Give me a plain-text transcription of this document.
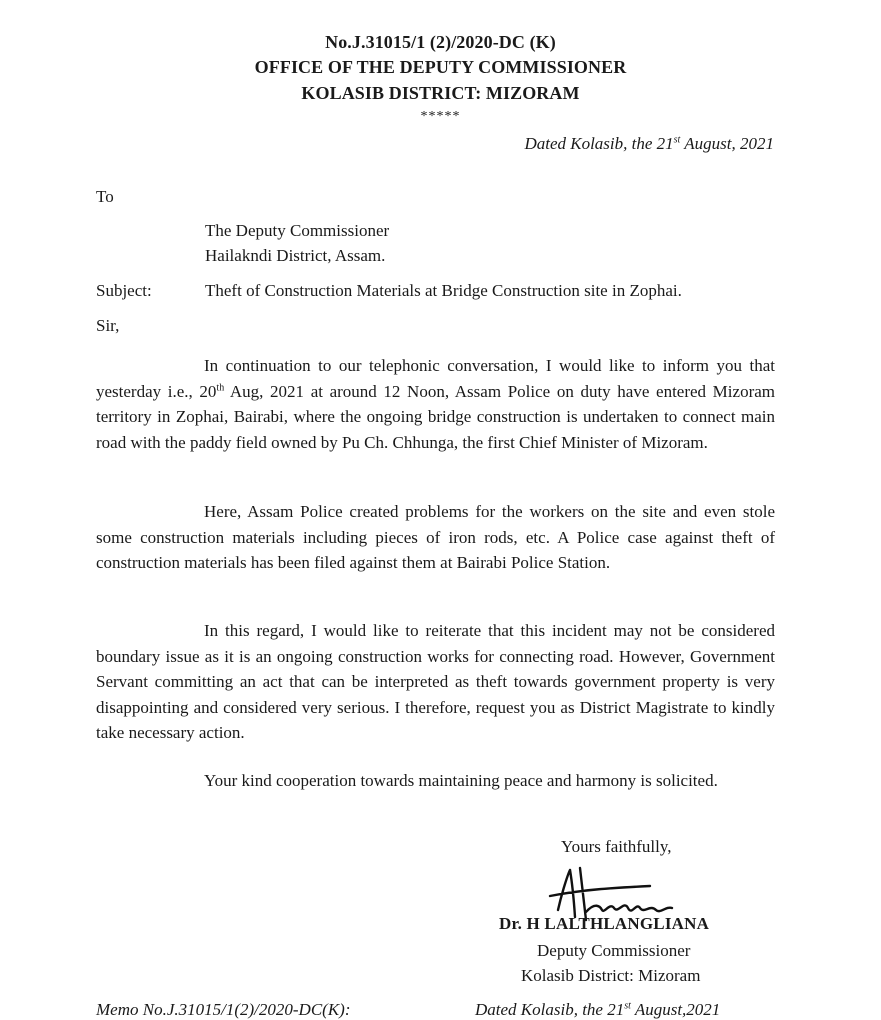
No.J.31015/1 (2)/2020-DC (K)
OFFICE OF THE DEPUTY COMMISSIONER
KOLASIB DISTRICT: MIZORAM
*****
Dated Kolasib, the 21st August, 2021
To
The Deputy Commissioner
Hailakndi District, Assam.
Subject:	Theft of Construction Materials at Bridge Construction site in Zophai.
Sir,
In continuation to our telephonic conversation, I would like to inform you that yesterday i.e., 20th Aug, 2021 at around 12 Noon, Assam Police on duty have entered Mizoram territory in Zophai, Bairabi, where the ongoing bridge construction is undertaken to connect main road with the paddy field owned by Pu Ch. Chhunga, the first Chief Minister of Mizoram.
Here, Assam Police created problems for the workers on the site and even stole some construction materials including pieces of iron rods, etc. A Police case against theft of construction materials has been filed against them at Bairabi Police Station.
In this regard, I would like to reiterate that this incident may not be considered boundary issue as it is an ongoing construction works for connecting road. However, Government Servant committing an act that can be interpreted as theft towards government property is very disappointing and considered very serious. I therefore, request you as District Magistrate to kindly take necessary action.
Your kind cooperation towards maintaining peace and harmony is solicited.
Yours faithfully,
Dr. H LALTHLANGLIANA
Deputy Commissioner
Kolasib District: Mizoram
Memo No.J.31015/1(2)/2020-DC(K):	Dated Kolasib, the 21st August,2021
